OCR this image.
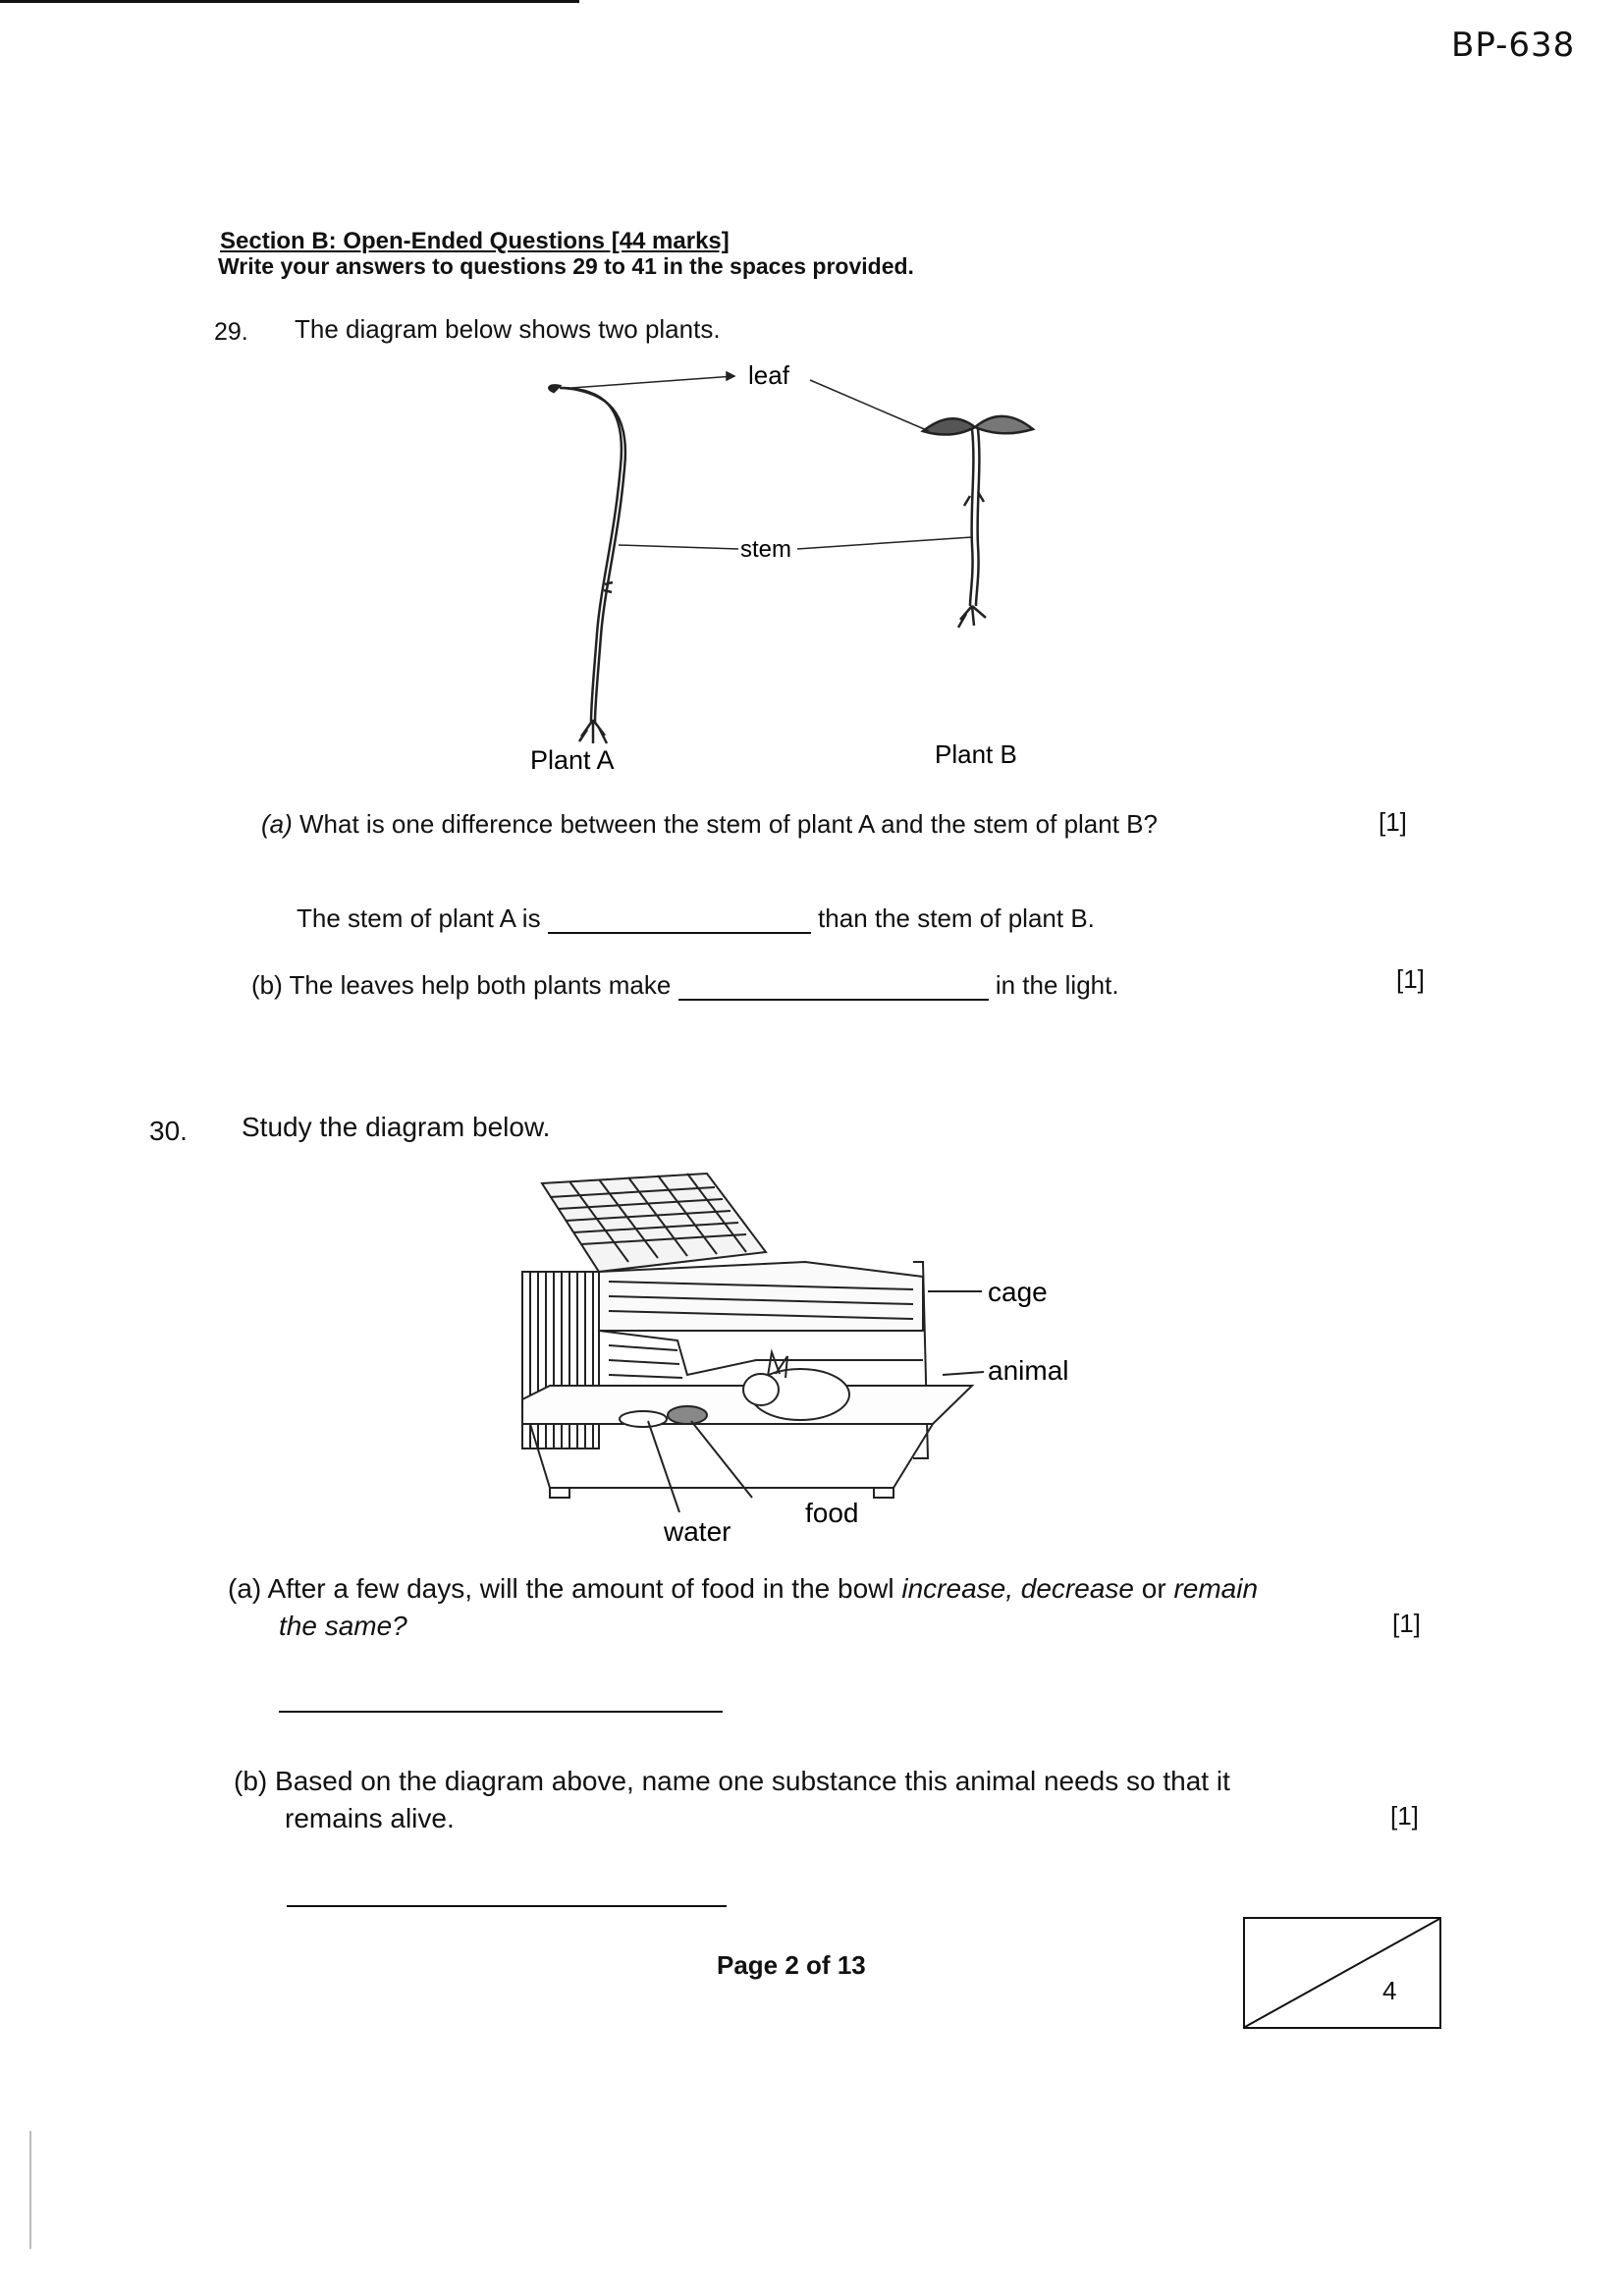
BP-638
Section B: Open-Ended Questions [44 marks]
Write your answers to questions 29 to 41 in the spaces provided.
29. The diagram below shows two plants.
leaf
stem
Plant A	Plant B
(a) What is one difference between the stem of plant A and the stem of plant B?	[1]
The stem of plant A is	than the stem of plant B.
(b) The leaves help both plants make	in the light.	[1]
30. Study the diagram below.
cage
animal
water
food
(a) After a few days, will the amount of food in the bowl increase, decrease or remain
the same?	[1]
(b) Based on the diagram above, name one substance this animal needs so that it
remains alive.	[1]
Page 2 of 13
4
